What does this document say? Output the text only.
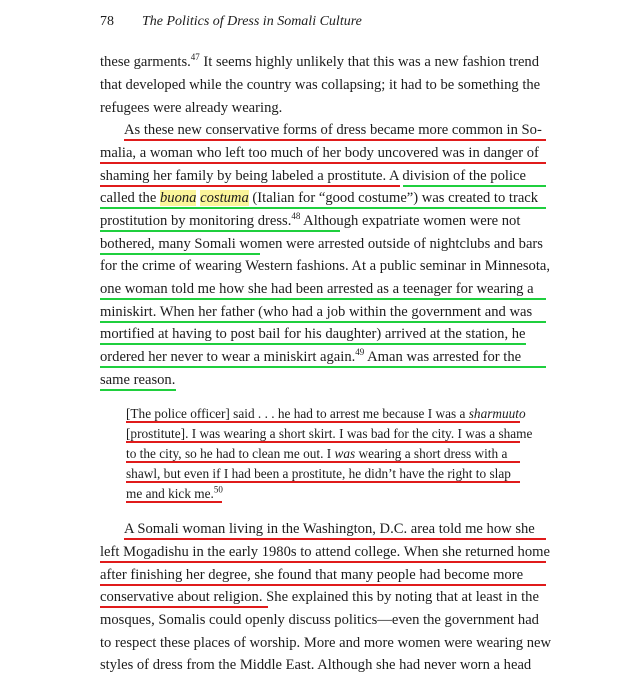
78 The Politics of Dress in Somali Culture
these garments.$^{47}$ It seems highly unlikely that this was a new fashion trend
that developed while the country was collapsing; it had to be something the
refugees were already wearing.
As these new conservative forms of dress became more common in So-
malia, a woman who left too much of her body uncovered was in danger of
shaming her family by being labeled a prostitute. A division of the police
called the buona costuma (Italian for “good costume”) was created to track
prostitution by monitoring dress.$^{48}$ Although expatriate women were not
bothered, many Somali women were arrested outside of nightclubs and bars
for the crime of wearing Western fashions. At a public seminar in Minnesota,
one woman told me how she had been arrested as a teenager for wearing a
miniskirt. When her father (who had a job within the government and was
mortified at having to post bail for his daughter) arrived at the station, he
ordered her never to wear a miniskirt again.$^{49}$ Aman was arrested for the
same reason.
[The police officer] said . . . he had to arrest me because I was a sharmuuto
[prostitute]. I was wearing a short skirt. I was bad for the city. I was a shame
to the city, so he had to clean me out. I was wearing a short dress with a
shawl, but even if I had been a prostitute, he didn’t have the right to slap
me and kick me.$^{50}$
A Somali woman living in the Washington, D.C. area told me how she
left Mogadishu in the early 1980s to attend college. When she returned home
after finishing her degree, she found that many people had become more
conservative about religion. She explained this by noting that at least in the
mosques, Somalis could openly discuss politics—even the government had
to respect these places of worship. More and more women were wearing new
styles of dress from the Middle East. Although she had never worn a head
